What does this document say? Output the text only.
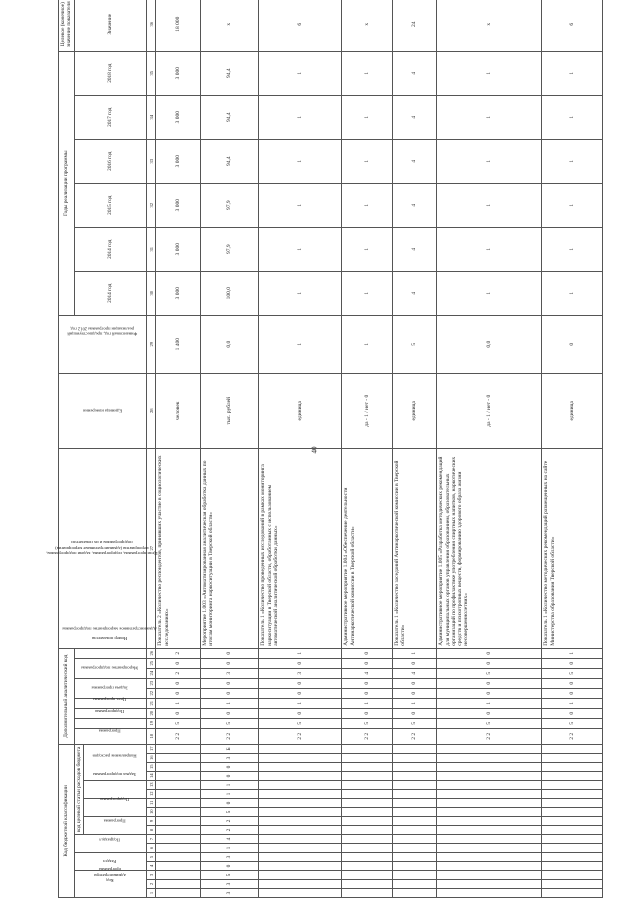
40
Код бюджетной классификации																	Дополнительный аналитический код									Цели программы, подпрограммы, задачи подпрограммы, мероприятия (административные мероприятия) подпрограммы и их показатели	Единица измерения	Финансовый год, предшествующий реализации программы 2012 год	Годы реализации программы						Целевое (конечное) значение показателя
Код администратора программы			Раздел		Подраздел		код целевой статьи расходов бюджета										Программа	Подпрограмма	Цель программы	Задача программы	Мероприятие подпрограммы		Административное мероприятие подпрограммы		Номер показателя				2014 год	2014 год	2015 год	2016 год	2017 год	2018 год	Значение
							Программа		Подпрограмма		Задача подпрограммы		Направление расходов																						
1	2	3	4	5	6	7	8	9	10	11	12	13	14	15	16	17	18	19	20	21	22	23	24	25	26	27	28	29	30	31	32	33	34	35	36
																	2 2	5	0	1	0	0	2	0	2	Показатель 2 «Количество респондентов, принявших участие в социологических исследованиях»	человек	1 400	3 000	3 000	3 000	3 000	3 000	3 000	18 000
3	3	5	0	3	1	4	2	2	5	0	1	1	0	0	3	Б	2 2	5	0	1	0	0	3	0	0	Мероприятие 1.003 «Автоматизированная аналитическая обработка данных по итогам мониторинга наркоситуации в Тверской области»	тыс. рублей	0,0	100,0	97,9	97,9	94,4	94,4	94,4	х
																	2 2	5	0	1	0	0	3	0	1	Показатель 1 «Количество проведенных исследований в рамках мониторинга наркоситуации в Тверской области, обработанных с использованием автоматической аналитической обработки данных»	единица	1	1	1	1	1	1	1	6
																	2 2	5	0	1	0	0	4	0	0	Административное мероприятие 1.004 «Обеспечение деятельности Антинаркотической комиссии в Тверской области»	да - 1 / нет - 0	1	1	1	1	1	1	1	х
																	2 2	5	0	1	0	0	4	0	1	Показатель 1 «Количество заседаний Антинаркотической комиссии в Тверской области»	единица	5	4	4	4	4	4	4	24
																	2 2	5	0	1	0	0	5	0	0	Административное мероприятие 1.005 «Разработка методических рекомендаций для муниципальных органов управления образованием, образовательных организаций по профилактике употребления спиртных напитков, наркотических средств и психотропных веществ, формированию здорового образа жизни несовершеннолетних»	да - 1 / нет - 0	0,0	1	1	1	1	1	1	х
																	2 2	5	0	1	0	0	5	0	1	Показатель 1 «Количество методических рекомендаций размещенных на сайте Министерства образования Тверской области»	единица	0	1	1	1	1	1	1	6
